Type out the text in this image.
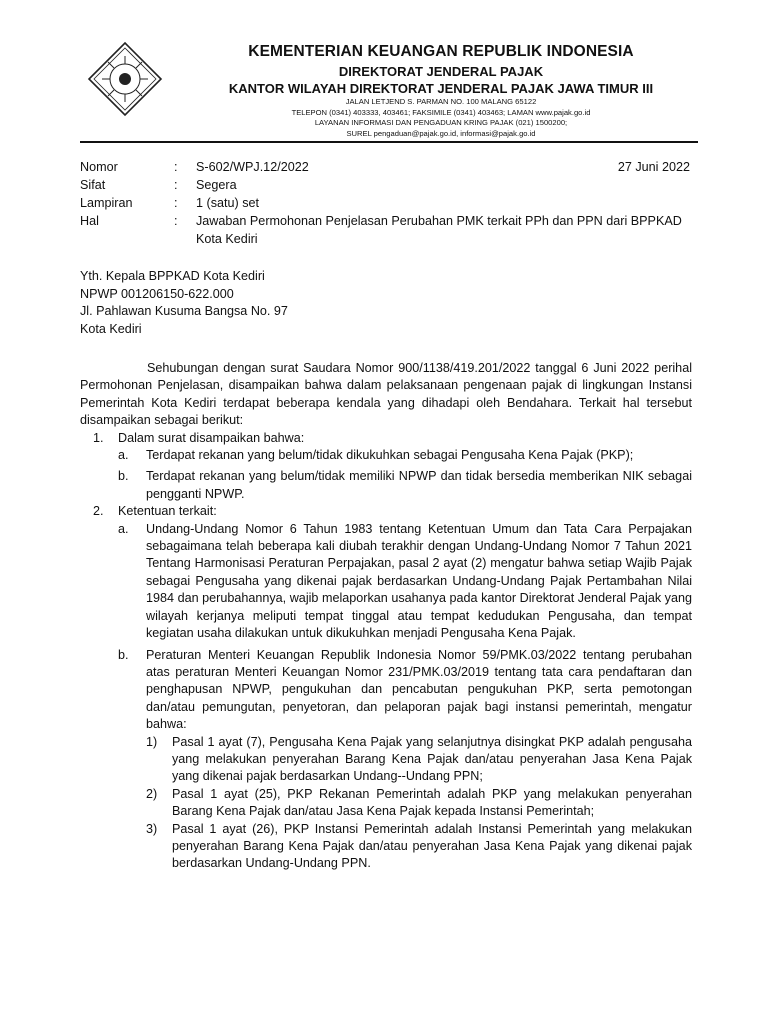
KEMENTERIAN KEUANGAN REPUBLIK INDONESIA
DIREKTORAT JENDERAL PAJAK
KANTOR WILAYAH DIREKTORAT JENDERAL PAJAK JAWA TIMUR III
JALAN LETJEND S. PARMAN NO. 100 MALANG 65122
TELEPON (0341) 403333, 403461; FAKSIMILE (0341) 403463; LAMAN www.pajak.go.id
LAYANAN INFORMASI DAN PENGADUAN KRING PAJAK (021) 1500200;
SUREL pengaduan@pajak.go.id, informasi@pajak.go.id
27 Juni 2022
Nomor	:	S-602/WPJ.12/2022
Sifat	:	Segera
Lampiran	:	1 (satu) set
Hal	:	Jawaban Permohonan Penjelasan Perubahan PMK terkait PPh dan PPN dari BPPKAD Kota Kediri
Yth. Kepala BPPKAD Kota Kediri
NPWP 001206150-622.000
Jl. Pahlawan Kusuma Bangsa No. 97
Kota Kediri

Sehubungan dengan surat Saudara Nomor 900/1138/419.201/2022 tanggal 6 Juni 2022 perihal Permohonan Penjelasan, disampaikan bahwa dalam pelaksanaan pengenaan pajak di lingkungan Instansi Pemerintah Kota Kediri terdapat beberapa kendala yang dihadapi oleh Bendahara. Terkait hal tersebut disampaikan sebagai berikut:

1.	Dalam surat disampaikan bahwa:
a.	Terdapat rekanan yang belum/tidak dikukuhkan sebagai Pengusaha Kena Pajak (PKP);
b.	Terdapat rekanan yang belum/tidak memiliki NPWP dan tidak bersedia memberikan NIK sebagai pengganti NPWP.
2.	Ketentuan terkait:
a.	Undang-Undang Nomor 6 Tahun 1983 tentang Ketentuan Umum dan Tata Cara Perpajakan sebagaimana telah beberapa kali diubah terakhir dengan Undang-Undang Nomor 7 Tahun 2021 Tentang Harmonisasi Peraturan Perpajakan, pasal 2 ayat (2) mengatur bahwa setiap Wajib Pajak sebagai Pengusaha yang dikenai pajak berdasarkan Undang-Undang Pajak Pertambahan Nilai 1984 dan perubahannya, wajib melaporkan usahanya pada kantor Direktorat Jenderal Pajak yang wilayah kerjanya meliputi tempat tinggal atau tempat kedudukan Pengusaha, dan tempat kegiatan usaha dilakukan untuk dikukuhkan menjadi Pengusaha Kena Pajak.
b.	Peraturan Menteri Keuangan Republik Indonesia Nomor 59/PMK.03/2022 tentang perubahan atas peraturan Menteri Keuangan Nomor 231/PMK.03/2019 tentang tata cara pendaftaran dan penghapusan NPWP, pengukuhan dan pencabutan pengukuhan PKP, serta pemotongan dan/atau pemungutan, penyetoran, dan pelaporan pajak bagi instansi pemerintah, mengatur bahwa:
1)	Pasal 1 ayat (7), Pengusaha Kena Pajak yang selanjutnya disingkat PKP adalah pengusaha yang melakukan penyerahan Barang Kena Pajak dan/atau penyerahan Jasa Kena Pajak yang dikenai pajak berdasarkan Undang--Undang PPN;
2)	Pasal 1 ayat (25), PKP Rekanan Pemerintah adalah PKP yang melakukan penyerahan Barang Kena Pajak dan/atau Jasa Kena Pajak kepada Instansi Pemerintah;
3)	Pasal 1 ayat (26), PKP Instansi Pemerintah adalah Instansi Pemerintah yang melakukan penyerahan Barang Kena Pajak dan/atau penyerahan Jasa Kena Pajak yang dikenai pajak berdasarkan Undang-Undang PPN.
